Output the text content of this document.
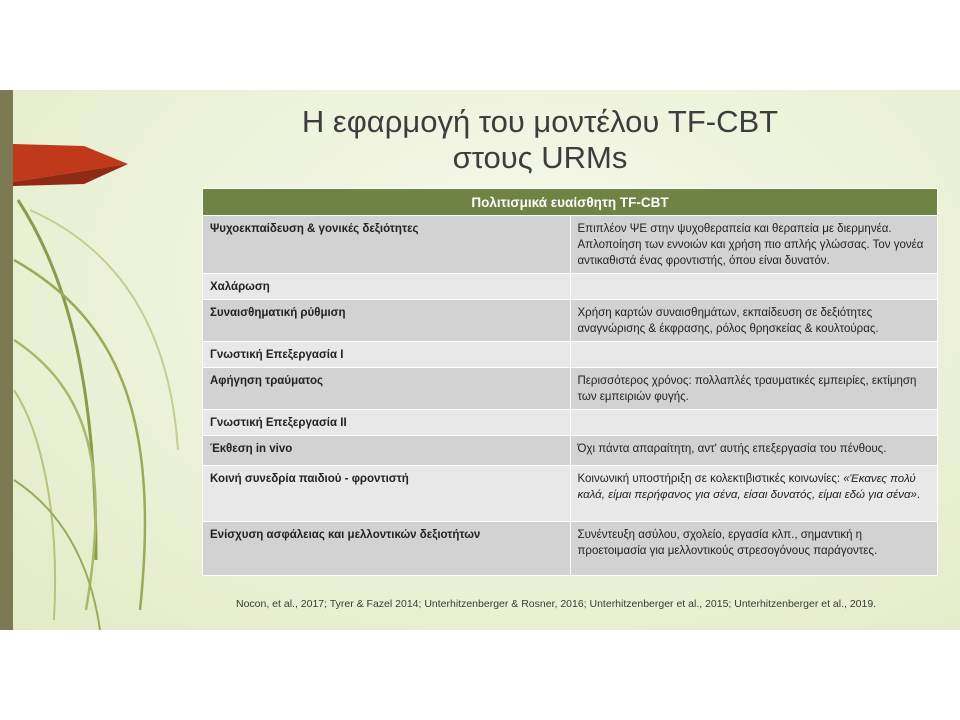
Η εφαρμογή του μοντέλου TF-CBT
στους URMs
Πολιτισμικά ευαίσθητη TF-CBT	
Ψυχοεκπαίδευση & γονικές δεξιότητες	Επιπλέον ΨΕ στην ψυχοθεραπεία και θεραπεία με διερμηνέα. Απλοποίηση των εννοιών και χρήση πιο απλής γλώσσας. Τον γονέα αντικαθιστά ένας φροντιστής, όπου είναι δυνατόν.
Χαλάρωση	
Συναισθηματική ρύθμιση	Χρήση καρτών συναισθημάτων, εκπαίδευση σε δεξιότητες αναγνώρισης & έκφρασης, ρόλος θρησκείας & κουλτούρας.
Γνωστική Επεξεργασία I	
Αφήγηση τραύματος	Περισσότερος χρόνος: πολλαπλές τραυματικές εμπειρίες, εκτίμηση των εμπειριών φυγής.
Γνωστική Επεξεργασία II	
Έκθεση in vivo	Όχι πάντα απαραίτητη, αντ' αυτής επεξεργασία του πένθους.
Κοινή συνεδρία παιδιού - φροντιστή	Κοινωνική υποστήριξη σε κολεκτιβιστικές κοινωνίες: «Έκανες πολύ καλά, είμαι περήφανος για σένα, είσαι δυνατός, είμαι εδώ για σένα».
Ενίσχυση ασφάλειας και μελλοντικών δεξιοτήτων	Συνέντευξη ασύλου, σχολείο, εργασία κλπ., σημαντική η προετοιμασία για μελλοντικούς στρεσογόνους παράγοντες.
Nocon, et al., 2017; Tyrer & Fazel 2014; Unterhitzenberger & Rosner, 2016; Unterhitzenberger et al., 2015; Unterhitzenberger et al., 2019.
